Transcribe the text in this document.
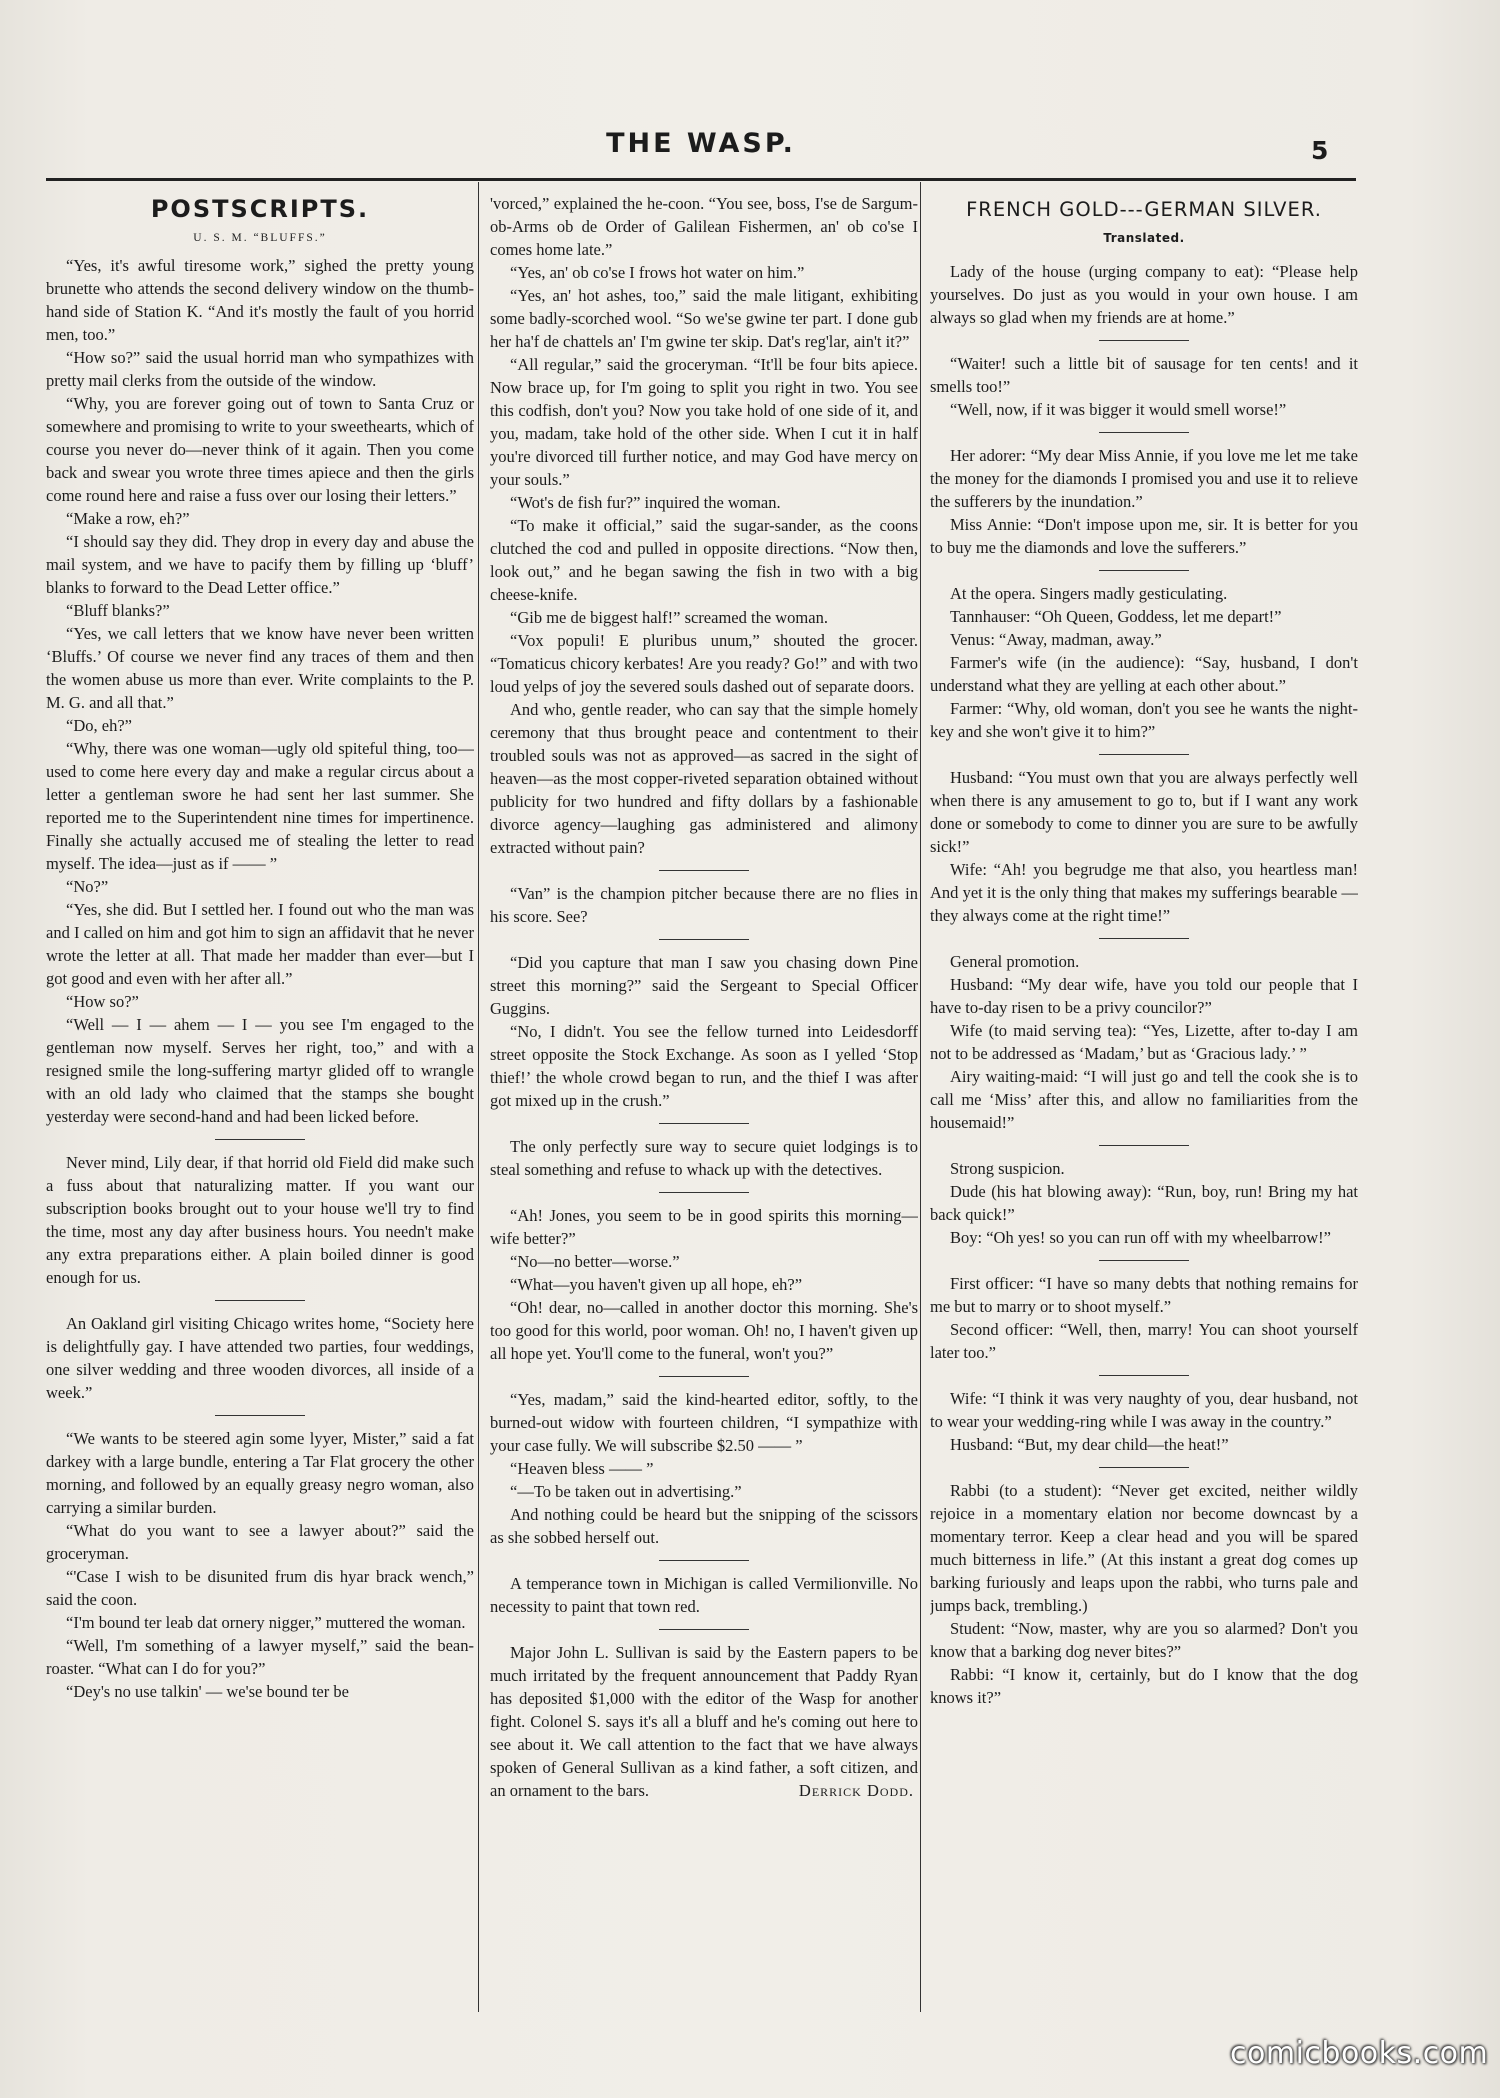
THE WASP.	5
POSTSCRIPTS.
U. S. M. “BLUFFS.”

“Yes, it's awful tiresome work,” sighed the pretty young brunette who attends the second delivery window on the thumb-hand side of Station K. “And it's mostly the fault of you horrid men, too.”

“How so?” said the usual horrid man who sympathizes with pretty mail clerks from the outside of the window.

“Why, you are forever going out of town to Santa Cruz or somewhere and promising to write to your sweethearts, which of course you never do—never think of it again. Then you come back and swear you wrote three times apiece and then the girls come round here and raise a fuss over our losing their letters.”

“Make a row, eh?”

“I should say they did. They drop in every day and abuse the mail system, and we have to pacify them by filling up ‘bluff’ blanks to forward to the Dead Letter office.”

“Bluff blanks?”

“Yes, we call letters that we know have never been written ‘Bluffs.’ Of course we never find any traces of them and then the women abuse us more than ever. Write complaints to the P. M. G. and all that.”

“Do, eh?”

“Why, there was one woman—ugly old spiteful thing, too—used to come here every day and make a regular circus about a letter a gentleman swore he had sent her last summer. She reported me to the Superintendent nine times for impertinence. Finally she actually accused me of stealing the letter to read myself. The idea—just as if —— ”

“No?”

“Yes, she did. But I settled her. I found out who the man was and I called on him and got him to sign an affidavit that he never wrote the letter at all. That made her madder than ever—but I got good and even with her after all.”

“How so?”

“Well — I — ahem — I — you see I'm engaged to the gentleman now myself. Serves her right, too,” and with a resigned smile the long-suffering martyr glided off to wrangle with an old lady who claimed that the stamps she bought yesterday were second-hand and had been licked before.

Never mind, Lily dear, if that horrid old Field did make such a fuss about that naturalizing matter. If you want our subscription books brought out to your house we'll try to find the time, most any day after business hours. You needn't make any extra preparations either. A plain boiled dinner is good enough for us.

An Oakland girl visiting Chicago writes home, “Society here is delightfully gay. I have attended two parties, four weddings, one silver wedding and three wooden divorces, all inside of a week.”

“We wants to be steered agin some lyyer, Mister,” said a fat darkey with a large bundle, entering a Tar Flat grocery the other morning, and followed by an equally greasy negro woman, also carrying a similar burden.

“What do you want to see a lawyer about?” said the groceryman.

“'Case I wish to be disunited frum dis hyar brack wench,” said the coon.

“I'm bound ter leab dat ornery nigger,” muttered the woman.

“Well, I'm something of a lawyer myself,” said the bean-roaster. “What can I do for you?”

“Dey's no use talkin' — we'se bound ter be

'vorced,” explained the he-coon. “You see, boss, I'se de Sargum-ob-Arms ob de Order of Galilean Fishermen, an' ob co'se I comes home late.”

“Yes, an' ob co'se I frows hot water on him.”

“Yes, an' hot ashes, too,” said the male litigant, exhibiting some badly-scorched wool. “So we'se gwine ter part. I done gub her ha'f de chattels an' I'm gwine ter skip. Dat's reg'lar, ain't it?”

“All regular,” said the groceryman. “It'll be four bits apiece. Now brace up, for I'm going to split you right in two. You see this codfish, don't you? Now you take hold of one side of it, and you, madam, take hold of the other side. When I cut it in half you're divorced till further notice, and may God have mercy on your souls.”

“Wot's de fish fur?” inquired the woman.

“To make it official,” said the sugar-sander, as the coons clutched the cod and pulled in opposite directions. “Now then, look out,” and he began sawing the fish in two with a big cheese-knife.

“Gib me de biggest half!” screamed the woman.

“Vox populi! E pluribus unum,” shouted the grocer. “Tomaticus chicory kerbates! Are you ready? Go!” and with two loud yelps of joy the severed souls dashed out of separate doors.

And who, gentle reader, who can say that the simple homely ceremony that thus brought peace and contentment to their troubled souls was not as approved—as sacred in the sight of heaven—as the most copper-riveted separation obtained without publicity for two hundred and fifty dollars by a fashionable divorce agency—laughing gas administered and alimony extracted without pain?

“Van” is the champion pitcher because there are no flies in his score. See?

“Did you capture that man I saw you chasing down Pine street this morning?” said the Sergeant to Special Officer Guggins.

“No, I didn't. You see the fellow turned into Leidesdorff street opposite the Stock Exchange. As soon as I yelled ‘Stop thief!’ the whole crowd began to run, and the thief I was after got mixed up in the crush.”

The only perfectly sure way to secure quiet lodgings is to steal something and refuse to whack up with the detectives.

“Ah! Jones, you seem to be in good spirits this morning—wife better?”

“No—no better—worse.”

“What—you haven't given up all hope, eh?”

“Oh! dear, no—called in another doctor this morning. She's too good for this world, poor woman. Oh! no, I haven't given up all hope yet. You'll come to the funeral, won't you?”

“Yes, madam,” said the kind-hearted editor, softly, to the burned-out widow with fourteen children, “I sympathize with your case fully. We will subscribe $2.50 —— ”

“Heaven bless —— ”

“—To be taken out in advertising.”

And nothing could be heard but the snipping of the scissors as she sobbed herself out.

A temperance town in Michigan is called Vermilionville. No necessity to paint that town red.

Major John L. Sullivan is said by the Eastern papers to be much irritated by the frequent announcement that Paddy Ryan has deposited $1,000 with the editor of the Wasp for another fight. Colonel S. says it's all a bluff and he's coming out here to see about it. We call attention to the fact that we have always spoken of General Sullivan as a kind father, a soft citizen, and an ornament to the bars.	Derrick Dodd.
FRENCH GOLD---GERMAN SILVER.
Translated.

Lady of the house (urging company to eat): “Please help yourselves. Do just as you would in your own house. I am always so glad when my friends are at home.”

“Waiter! such a little bit of sausage for ten cents! and it smells too!”

“Well, now, if it was bigger it would smell worse!”

Her adorer: “My dear Miss Annie, if you love me let me take the money for the diamonds I promised you and use it to relieve the sufferers by the inundation.”

Miss Annie: “Don't impose upon me, sir. It is better for you to buy me the diamonds and love the sufferers.”

At the opera. Singers madly gesticulating.

Tannhauser: “Oh Queen, Goddess, let me depart!”

Venus: “Away, madman, away.”

Farmer's wife (in the audience): “Say, husband, I don't understand what they are yelling at each other about.”

Farmer: “Why, old woman, don't you see he wants the night-key and she won't give it to him?”

Husband: “You must own that you are always perfectly well when there is any amusement to go to, but if I want any work done or somebody to come to dinner you are sure to be awfully sick!”

Wife: “Ah! you begrudge me that also, you heartless man! And yet it is the only thing that makes my sufferings bearable — they always come at the right time!”

General promotion.

Husband: “My dear wife, have you told our people that I have to-day risen to be a privy councilor?”

Wife (to maid serving tea): “Yes, Lizette, after to-day I am not to be addressed as ‘Madam,’ but as ‘Gracious lady.’ ”

Airy waiting-maid: “I will just go and tell the cook she is to call me ‘Miss’ after this, and allow no familiarities from the housemaid!”

Strong suspicion.

Dude (his hat blowing away): “Run, boy, run! Bring my hat back quick!”

Boy: “Oh yes! so you can run off with my wheelbarrow!”

First officer: “I have so many debts that nothing remains for me but to marry or to shoot myself.”

Second officer: “Well, then, marry! You can shoot yourself later too.”

Wife: “I think it was very naughty of you, dear husband, not to wear your wedding-ring while I was away in the country.”

Husband: “But, my dear child—the heat!”

Rabbi (to a student): “Never get excited, neither wildly rejoice in a momentary elation nor become downcast by a momentary terror. Keep a clear head and you will be spared much bitterness in life.” (At this instant a great dog comes up barking furiously and leaps upon the rabbi, who turns pale and jumps back, trembling.)

Student: “Now, master, why are you so alarmed? Don't you know that a barking dog never bites?”

Rabbi: “I know it, certainly, but do I know that the dog knows it?”

comicbooks.com
